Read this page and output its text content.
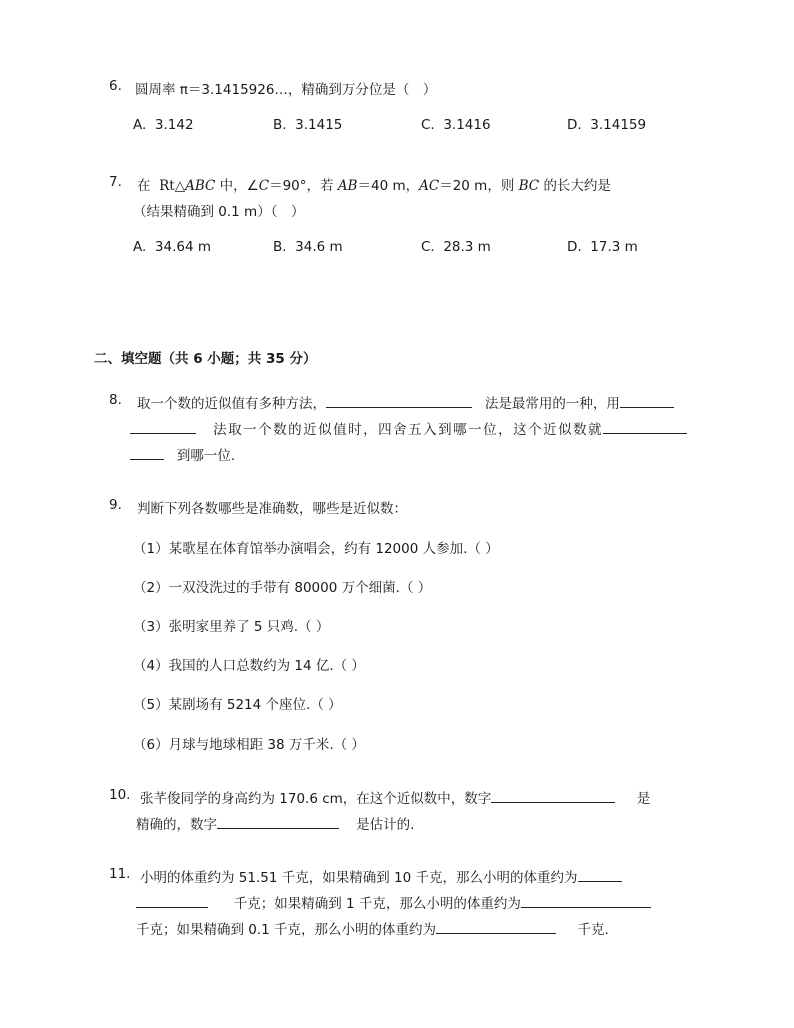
6. 圆周率 π＝3.1415926…，精确到万分位是（　）
A. 3.142	B. 3.1415	C. 3.1416	D. 3.14159
7. 在 Rt△ABC 中，∠C＝90°，若 AB＝40 m，AC＝20 m，则 BC 的长大约是
（结果精确到 0.1 m）（　）
A. 34.64 m	B. 34.6 m	C. 28.3 m	D. 17.3 m
二、填空题（共 6 小题；共 35 分）
8. 取一个数的近似值有多种方法，	法是最常用的一种，用
法取一个数的近似值时，四舍五入到哪一位，这个近似数就
到哪一位.
9. 判断下列各数哪些是准确数，哪些是近似数：
（1）某歌星在体育馆举办演唱会，约有 12000 人参加.（ ）
（2）一双没洗过的手带有 80000 万个细菌.（ ）
（3）张明家里养了 5 只鸡.（ ）
（4）我国的人口总数约为 14 亿.（ ）
（5）某剧场有 5214 个座位.（ ）
（6）月球与地球相距 38 万千米.（ ）
10. 张芊俊同学的身高约为 170.6 cm，在这个近似数中，数字	是
精确的，数字	是估计的.
11. 小明的体重约为 51.51 千克，如果精确到 10 千克，那么小明的体重约为
千克；如果精确到 1 千克，那么小明的体重约为
千克；如果精确到 0.1 千克，那么小明的体重约为	千克.
